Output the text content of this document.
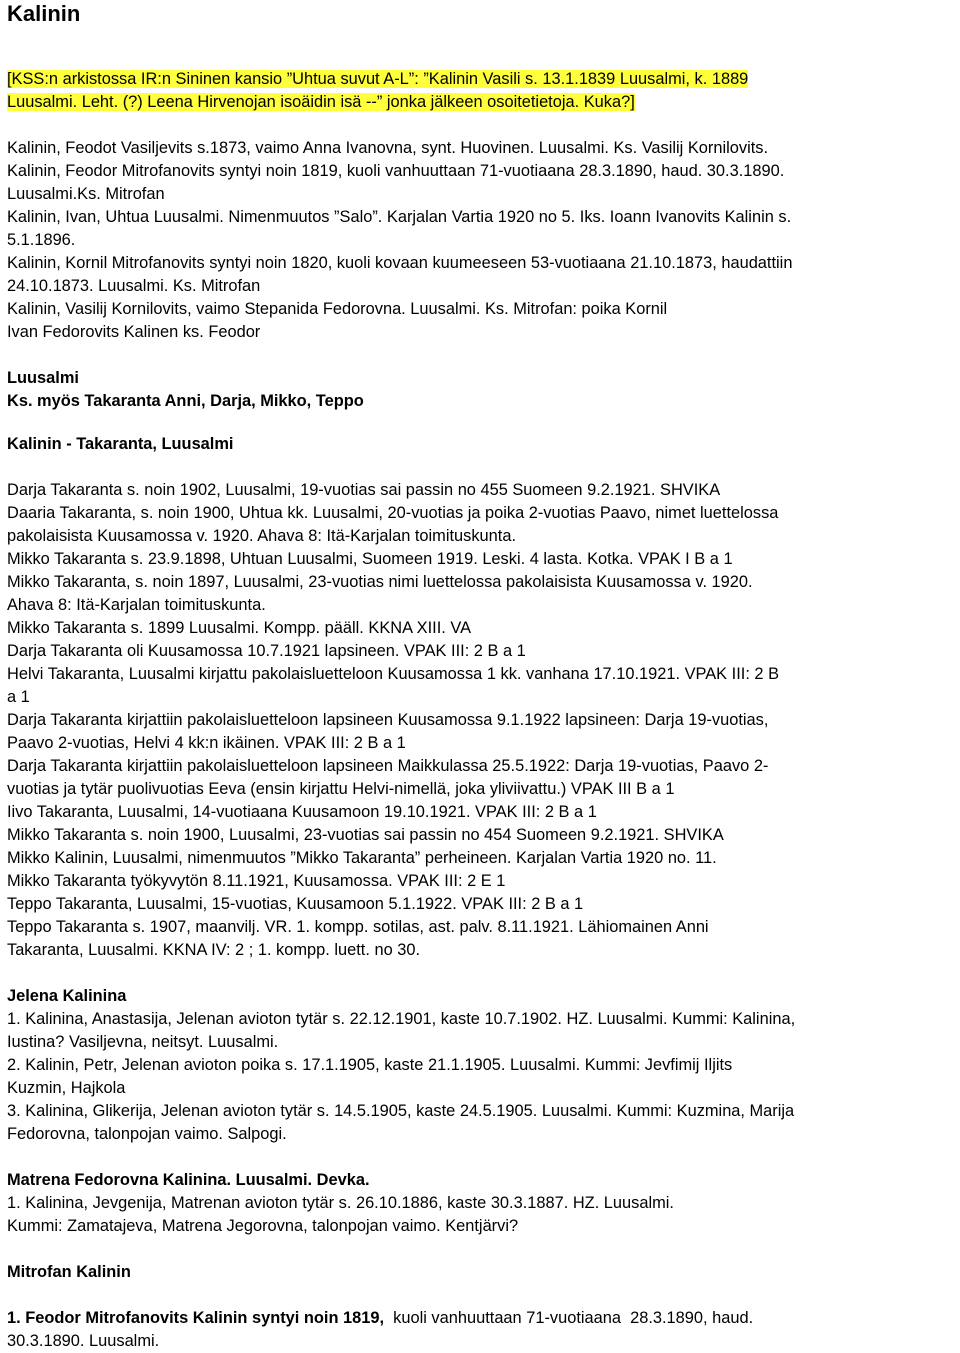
Kalinin

[KSS:n arkistossa IR:n Sininen kansio ”Uhtua suvut A-L”: ”Kalinin Vasili s. 13.1.1839 Luusalmi, k. 1889

Luusalmi. Leht. (?) Leena Hirvenojan isoäidin isä --” jonka jälkeen osoitetietoja. Kuka?]

Kalinin, Feodot Vasiljevits s.1873, vaimo Anna Ivanovna, synt. Huovinen. Luusalmi. Ks. Vasilij Kornilovits.

Kalinin, Feodor Mitrofanovits syntyi noin 1819, kuoli vanhuuttaan 71-vuotiaana 28.3.1890, haud. 30.3.1890.

Luusalmi.Ks. Mitrofan

Kalinin, Ivan, Uhtua Luusalmi. Nimenmuutos ”Salo”. Karjalan Vartia 1920 no 5. Iks. Ioann Ivanovits Kalinin s.

5.1.1896.

Kalinin, Kornil Mitrofanovits syntyi noin 1820, kuoli kovaan kuumeeseen 53-vuotiaana 21.10.1873, haudattiin

24.10.1873. Luusalmi. Ks. Mitrofan

Kalinin, Vasilij Kornilovits, vaimo Stepanida Fedorovna. Luusalmi. Ks. Mitrofan: poika Kornil

Ivan Fedorovits Kalinen ks. Feodor

Luusalmi

Ks. myös Takaranta Anni, Darja, Mikko, Teppo

Kalinin - Takaranta, Luusalmi

Darja Takaranta s. noin 1902, Luusalmi, 19-vuotias sai passin no 455 Suomeen 9.2.1921. SHVIKA

Daaria Takaranta, s. noin 1900, Uhtua kk. Luusalmi, 20-vuotias ja poika 2-vuotias Paavo, nimet luettelossa

pakolaisista Kuusamossa v. 1920. Ahava 8: Itä-Karjalan toimituskunta.

Mikko Takaranta s. 23.9.1898, Uhtuan Luusalmi, Suomeen 1919. Leski. 4 lasta. Kotka. VPAK I B a 1

Mikko Takaranta, s. noin 1897, Luusalmi, 23-vuotias nimi luettelossa pakolaisista Kuusamossa v. 1920.

Ahava 8: Itä-Karjalan toimituskunta.

Mikko Takaranta s. 1899 Luusalmi. Kompp. pääll. KKNA XIII. VA

Darja Takaranta oli Kuusamossa 10.7.1921 lapsineen. VPAK III: 2 B a 1

Helvi Takaranta, Luusalmi kirjattu pakolaisluetteloon Kuusamossa 1 kk. vanhana 17.10.1921. VPAK III: 2 B

a 1

Darja Takaranta kirjattiin pakolaisluetteloon lapsineen Kuusamossa 9.1.1922 lapsineen: Darja 19-vuotias,

Paavo 2-vuotias, Helvi 4 kk:n ikäinen. VPAK III: 2 B a 1

Darja Takaranta kirjattiin pakolaisluetteloon lapsineen Maikkulassa 25.5.1922: Darja 19-vuotias, Paavo 2-

vuotias ja tytär puolivuotias Eeva (ensin kirjattu Helvi-nimellä, joka yliviivattu.) VPAK III B a 1

Iivo Takaranta, Luusalmi, 14-vuotiaana Kuusamoon 19.10.1921. VPAK III: 2 B a 1

Mikko Takaranta s. noin 1900, Luusalmi, 23-vuotias sai passin no 454 Suomeen 9.2.1921. SHVIKA

Mikko Kalinin, Luusalmi, nimenmuutos ”Mikko Takaranta” perheineen. Karjalan Vartia 1920 no. 11.

Mikko Takaranta työkyvytön 8.11.1921, Kuusamossa. VPAK III: 2 E 1

Teppo Takaranta, Luusalmi, 15-vuotias, Kuusamoon 5.1.1922. VPAK III: 2 B a 1

Teppo Takaranta s. 1907, maanvilj. VR. 1. kompp. sotilas, ast. palv. 8.11.1921. Lähiomainen Anni

Takaranta, Luusalmi. KKNA IV: 2 ; 1. kompp. luett. no 30.

Jelena Kalinina

1. Kalinina, Anastasija, Jelenan avioton tytär s. 22.12.1901, kaste 10.7.1902. HZ. Luusalmi. Kummi: Kalinina,

Iustina? Vasiljevna, neitsyt. Luusalmi.

2. Kalinin, Petr, Jelenan avioton poika s. 17.1.1905, kaste 21.1.1905. Luusalmi. Kummi: Jevfimij Iljits

Kuzmin, Hajkola

3. Kalinina, Glikerija, Jelenan avioton tytär s. 14.5.1905, kaste 24.5.1905. Luusalmi. Kummi: Kuzmina, Marija

Fedorovna, talonpojan vaimo. Salpogi.

Matrena Fedorovna Kalinina. Luusalmi. Devka.

1. Kalinina, Jevgenija, Matrenan avioton tytär s. 26.10.1886, kaste 30.3.1887. HZ. Luusalmi.

Kummi: Zamatajeva, Matrena Jegorovna, talonpojan vaimo. Kentjärvi?

Mitrofan Kalinin

1. Feodor Mitrofanovits Kalinin syntyi noin 1819,  kuoli vanhuuttaan 71-vuotiaana  28.3.1890, haud.

30.3.1890. Luusalmi.
